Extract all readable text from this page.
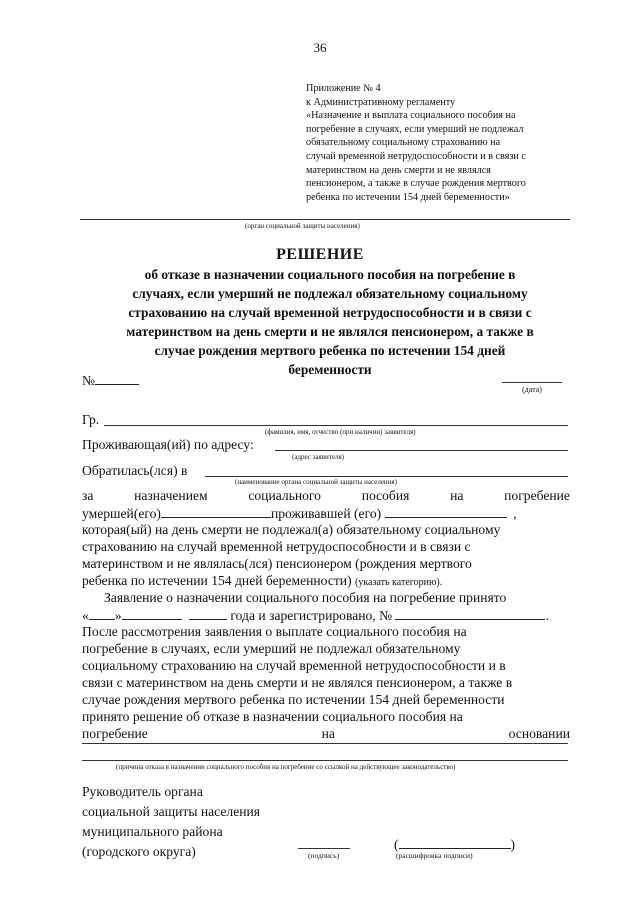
36
Приложение № 4
к Административному регламенту
«Назначение и выплата социального пособия на
погребение в случаях, если умерший не подлежал
обязательному социальному страхованию на
случай временной нетрудоспособности и в связи с
материнством на день смерти и не являлся
пенсионером, а также в случае рождения мертвого
ребенка по истечении 154 дней беременности»
(орган социальной защиты населения)
РЕШЕНИЕ
об отказе в назначении социального пособия на погребение в
случаях, если умерший не подлежал обязательному социальному
страхованию на случай временной нетрудоспособности и в связи с
материнством на день смерти и не являлся пенсионером, а также в
случае рождения мертвого ребенка по истечении 154 дней
беременности
№
(дата)
Гр.
(фамилия, имя, отчество (при наличии) заявителя)
Проживающая(ий) по адресу:
(адрес заявителя)
Обратилась(лся) в
(наименование органа социальной защиты населения)
за	назначением	социального	пособия	на	погребение
умершей(его)	проживавшей (его)	,
которая(ый) на день смерти не подлежал(а) обязательному социальному
страхованию на случай временной нетрудоспособности и в связи с
материнством и не являлась(лся) пенсионером (рождения мертвого
ребенка по истечении 154 дней беременности) (указать категорию).
Заявление о назначении социального пособия на погребение принято
« »	года и зарегистрировано, №	.
После рассмотрения заявления о выплате социального пособия на
погребение в случаях, если умерший не подлежал обязательному
социальному страхованию на случай временной нетрудоспособности и в
связи с материнством на день смерти и не являлся пенсионером, а также в
случае рождения мертвого ребенка по истечении 154 дней беременности
принято решение об отказе в назначении социального пособия на
погребение	на	основании
(причина отказа в назначении социального пособия на погребение со ссылкой на действующее законодательство)
Руководитель органа
социальной защиты населения
муниципального района
(городского округа)	(подпись)
(	)
(расшифровка подписи)
